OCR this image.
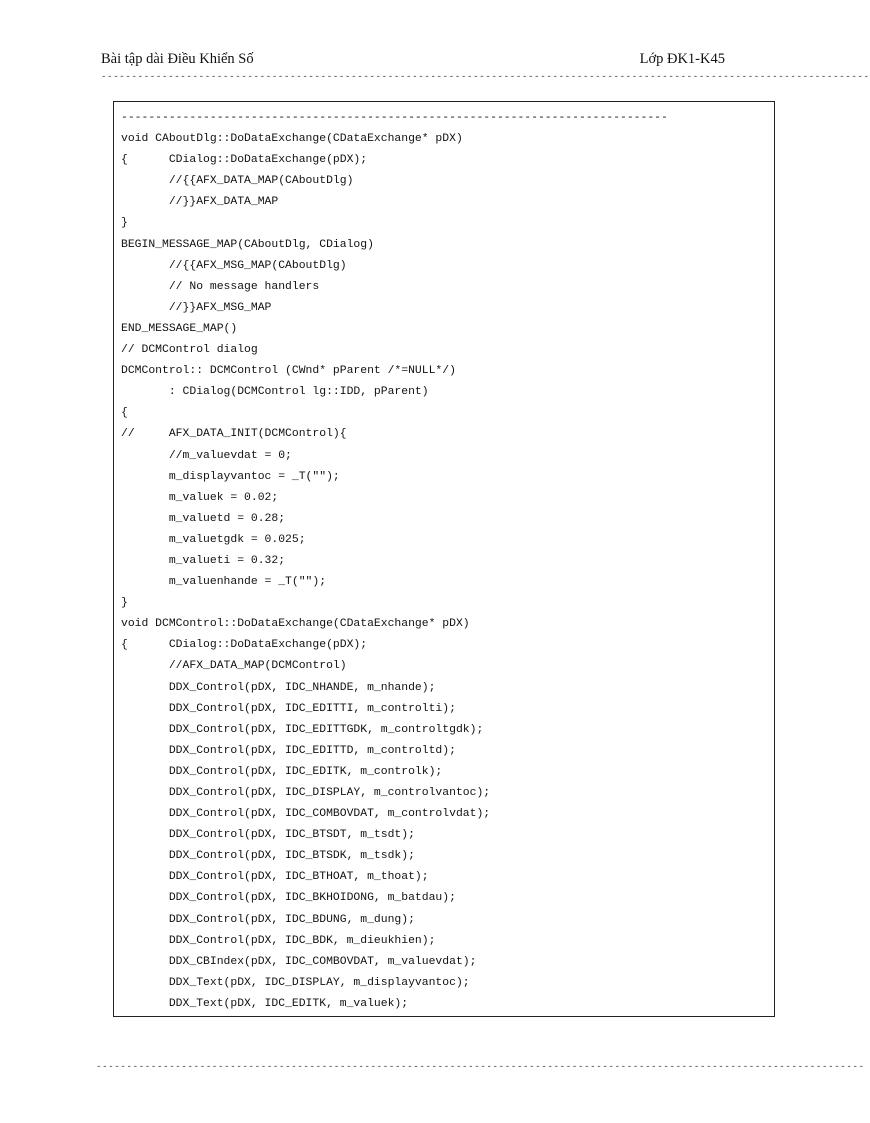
Bài tập dài Điều Khiển Số	Lớp ĐK1-K45
------------------------------------------------------------------------------------------------------------------------------
--------------------------------------------------------------------------------
void CAboutDlg::DoDataExchange(CDataExchange* pDX)
{      CDialog::DoDataExchange(pDX);
//{{AFX_DATA_MAP(CAboutDlg)
//}}AFX_DATA_MAP
}
BEGIN_MESSAGE_MAP(CAboutDlg, CDialog)
//{{AFX_MSG_MAP(CAboutDlg)
// No message handlers
//}}AFX_MSG_MAP
END_MESSAGE_MAP()
// DCMControl dialog
DCMControl:: DCMControl (CWnd* pParent /*=NULL*/)
: CDialog(DCMControl lg::IDD, pParent)
{
//     AFX_DATA_INIT(DCMControl){
//m_valuevdat = 0;
m_displayvantoc = _T("");
m_valuek = 0.02;
m_valuetd = 0.28;
m_valuetgdk = 0.025;
m_valueti = 0.32;
m_valuenhande = _T("");
}
void DCMControl::DoDataExchange(CDataExchange* pDX)
{      CDialog::DoDataExchange(pDX);
//AFX_DATA_MAP(DCMControl)
DDX_Control(pDX, IDC_NHANDE, m_nhande);
DDX_Control(pDX, IDC_EDITTI, m_controlti);
DDX_Control(pDX, IDC_EDITTGDK, m_controltgdk);
DDX_Control(pDX, IDC_EDITTD, m_controltd);
DDX_Control(pDX, IDC_EDITK, m_controlk);
DDX_Control(pDX, IDC_DISPLAY, m_controlvantoc);
DDX_Control(pDX, IDC_COMBOVDAT, m_controlvdat);
DDX_Control(pDX, IDC_BTSDT, m_tsdt);
DDX_Control(pDX, IDC_BTSDK, m_tsdk);
DDX_Control(pDX, IDC_BTHOAT, m_thoat);
DDX_Control(pDX, IDC_BKHOIDONG, m_batdau);
DDX_Control(pDX, IDC_BDUNG, m_dung);
DDX_Control(pDX, IDC_BDK, m_dieukhien);
DDX_CBIndex(pDX, IDC_COMBOVDAT, m_valuevdat);
DDX_Text(pDX, IDC_DISPLAY, m_displayvantoc);
DDX_Text(pDX, IDC_EDITK, m_valuek);
------------------------------------------------------------------------------------------------------------------------------
